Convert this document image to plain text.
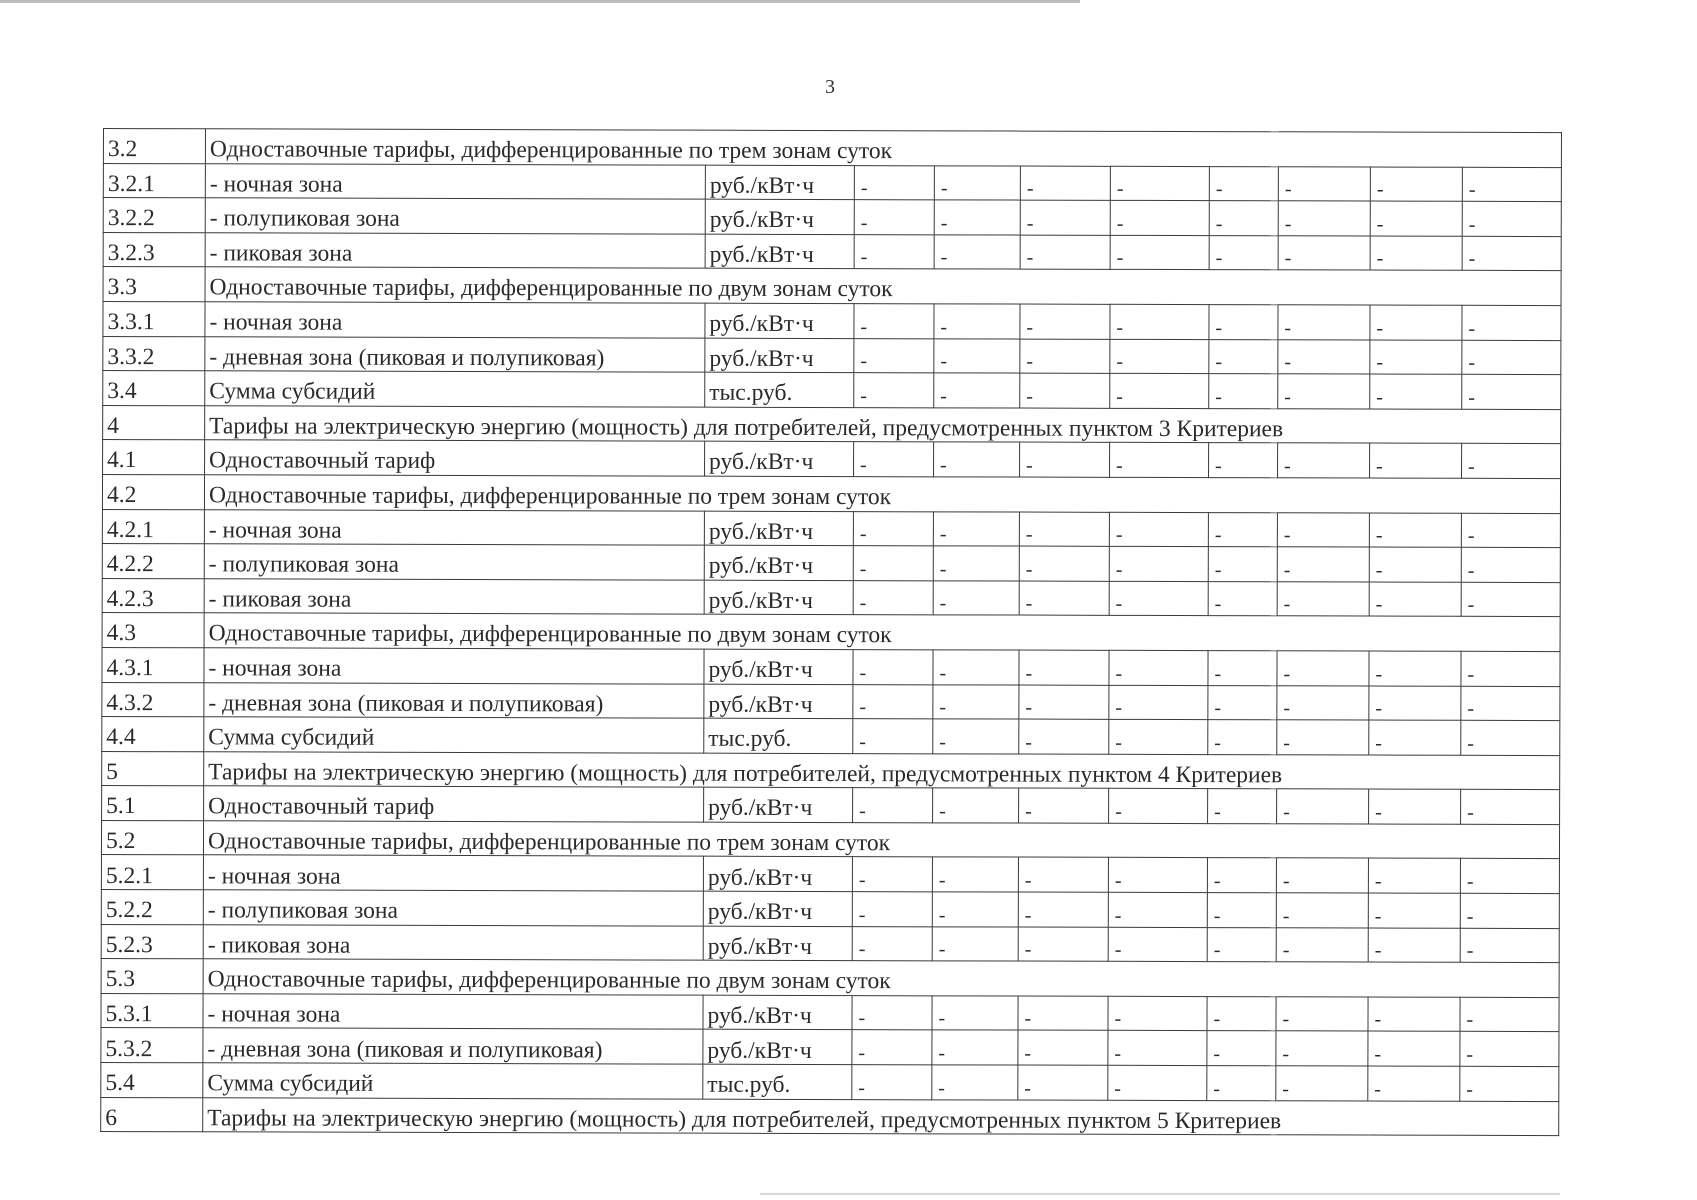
3
3.2	Одноставочные тарифы, дифференцированные по трем зонам суток									
3.2.1	- ночная зона	руб./кВт·ч	-	-	-	-	-	-	-	-
3.2.2	- полупиковая зона	руб./кВт·ч	-	-	-	-	-	-	-	-
3.2.3	- пиковая зона	руб./кВт·ч	-	-	-	-	-	-	-	-
3.3	Одноставочные тарифы, дифференцированные по двум зонам суток									
3.3.1	- ночная зона	руб./кВт·ч	-	-	-	-	-	-	-	-
3.3.2	- дневная зона (пиковая и полупиковая)	руб./кВт·ч	-	-	-	-	-	-	-	-
3.4	Сумма субсидий	тыс.руб.	-	-	-	-	-	-	-	-
4	Тарифы на электрическую энергию (мощность) для потребителей, предусмотренных пунктом 3 Критериев									
4.1	Одноставочный тариф	руб./кВт·ч	-	-	-	-	-	-	-	-
4.2	Одноставочные тарифы, дифференцированные по трем зонам суток									
4.2.1	- ночная зона	руб./кВт·ч	-	-	-	-	-	-	-	-
4.2.2	- полупиковая зона	руб./кВт·ч	-	-	-	-	-	-	-	-
4.2.3	- пиковая зона	руб./кВт·ч	-	-	-	-	-	-	-	-
4.3	Одноставочные тарифы, дифференцированные по двум зонам суток									
4.3.1	- ночная зона	руб./кВт·ч	-	-	-	-	-	-	-	-
4.3.2	- дневная зона (пиковая и полупиковая)	руб./кВт·ч	-	-	-	-	-	-	-	-
4.4	Сумма субсидий	тыс.руб.	-	-	-	-	-	-	-	-
5	Тарифы на электрическую энергию (мощность) для потребителей, предусмотренных пунктом 4 Критериев									
5.1	Одноставочный тариф	руб./кВт·ч	-	-	-	-	-	-	-	-
5.2	Одноставочные тарифы, дифференцированные по трем зонам суток									
5.2.1	- ночная зона	руб./кВт·ч	-	-	-	-	-	-	-	-
5.2.2	- полупиковая зона	руб./кВт·ч	-	-	-	-	-	-	-	-
5.2.3	- пиковая зона	руб./кВт·ч	-	-	-	-	-	-	-	-
5.3	Одноставочные тарифы, дифференцированные по двум зонам суток									
5.3.1	- ночная зона	руб./кВт·ч	-	-	-	-	-	-	-	-
5.3.2	- дневная зона (пиковая и полупиковая)	руб./кВт·ч	-	-	-	-	-	-	-	-
5.4	Сумма субсидий	тыс.руб.	-	-	-	-	-	-	-	-
6	Тарифы на электрическую энергию (мощность) для потребителей, предусмотренных пунктом 5 Критериев									
